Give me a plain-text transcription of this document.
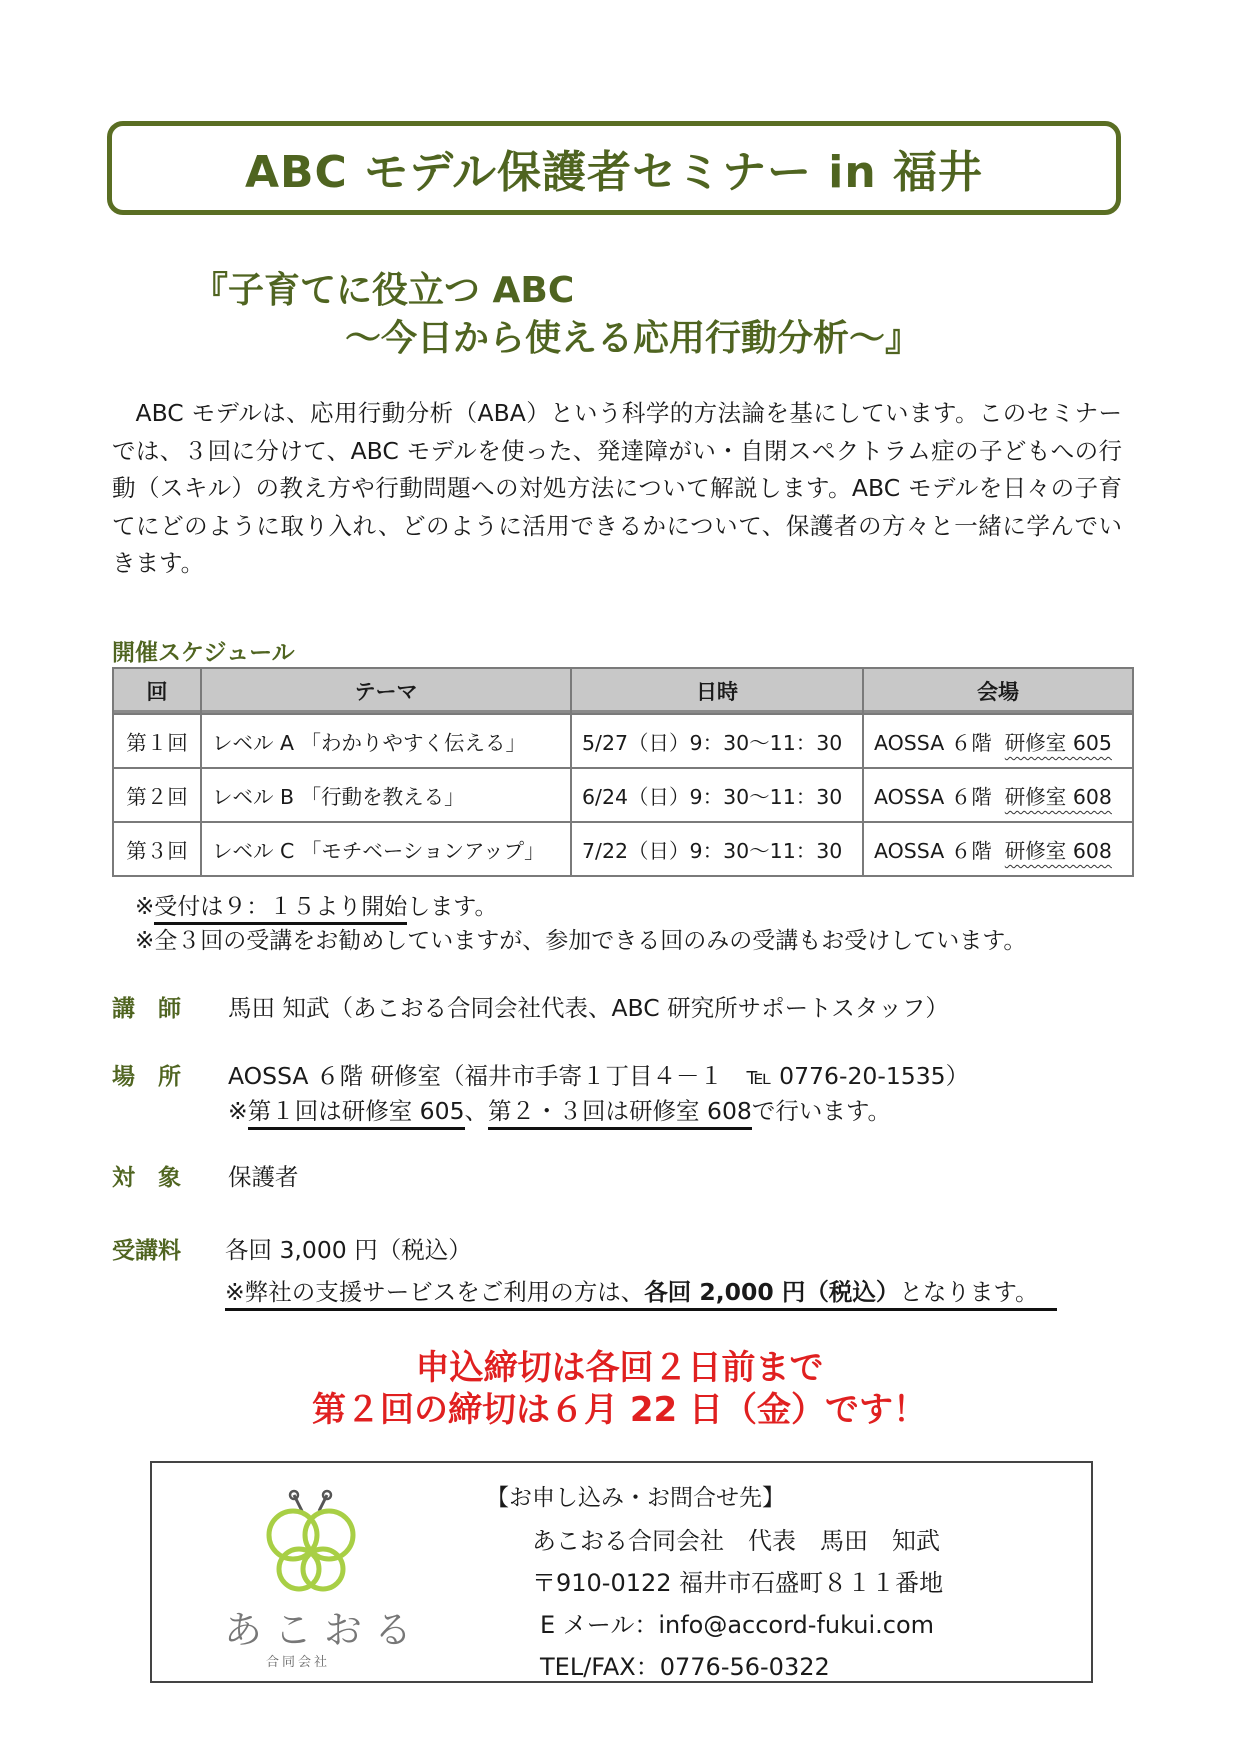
ABC モデル保護者セミナー in 福井
『子育てに役立つ ABC
～今日から使える応用行動分析～』

ABC モデルは、応用行動分析（ABA）という科学的方法論を基にしています。このセミナーでは、３回に分けて、ABC モデルを使った、発達障がい・自閉スペクトラム症の子どもへの行動（スキル）の教え方や行動問題への対処方法について解説します。ABC モデルを日々の子育てにどのように取り入れ、どのように活用できるかについて、保護者の方々と一緒に学んでいきます。

開催スケジュール
回	テーマ	日時	会場
第１回	レベル A 「わかりやすく伝える」	5/27（日）9：30～11：30	AOSSA ６階 研修室 605
第２回	レベル B 「行動を教える」	6/24（日）9：30～11：30	AOSSA ６階 研修室 608
第３回	レベル C 「モチベーションアップ」	7/22（日）9：30～11：30	AOSSA ６階 研修室 608
※受付は９：１５より開始します。
※全３回の受講をお勧めしていますが、参加できる回のみの受講もお受けしています。
講　師 馬田 知武（あこおる合同会社代表、ABC 研究所サポートスタッフ）
場　所 AOSSA ６階 研修室（福井市手寄１丁目４－１　℡ 0776-20-1535）
※第１回は研修室 605、第２・３回は研修室 608で行います。
対　象 保護者
受講料 各回 3,000 円（税込）
※弊社の支援サービスをご利用の方は、各回 2,000 円（税込）となります。
申込締切は各回２日前まで
第２回の締切は６月 22 日（金）です！
あこおる
合同会社
【お申し込み・お問合せ先】
あこおる合同会社　代表　馬田　知武
〒910-0122 福井市石盛町８１１番地
E メール：info@accord-fukui.com
TEL/FAX：0776-56-0322
